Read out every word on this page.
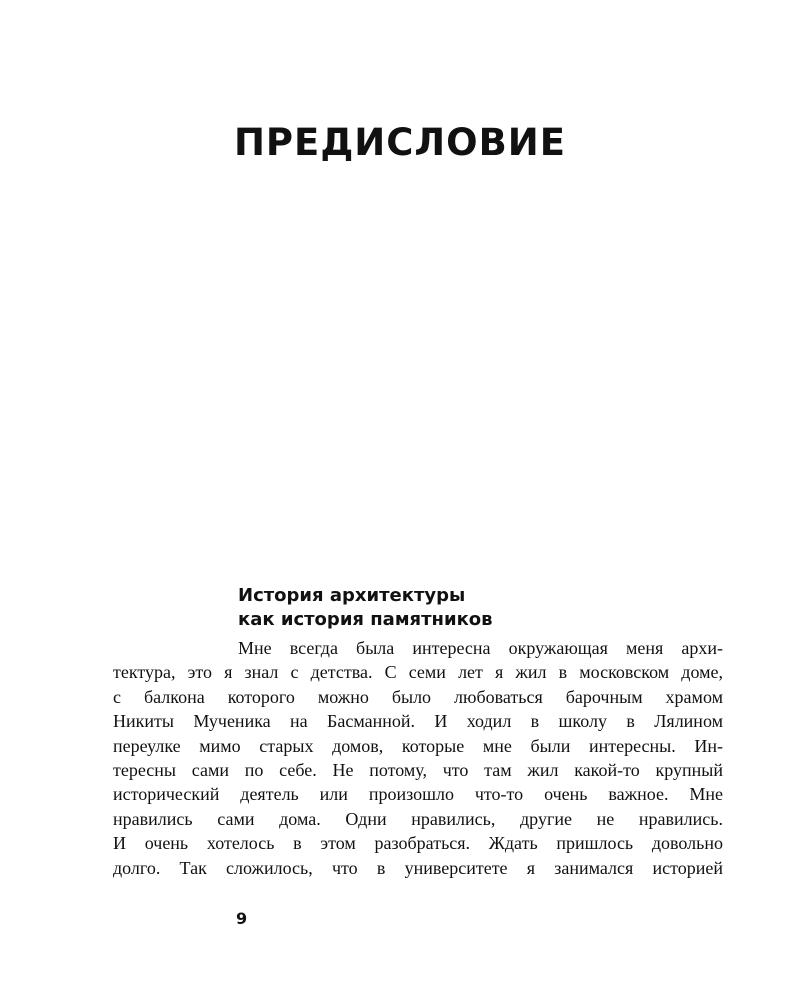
ПРЕДИСЛОВИЕ
История архитектуры
как история памятников
Мне всегда была интересна окружающая меня архи-
тектура, это я знал с детства. С семи лет я жил в московском доме,
с балкона которого можно было любоваться барочным храмом
Никиты Мученика на Басманной. И ходил в школу в Лялином
переулке мимо старых домов, которые мне были интересны. Ин-
тересны сами по себе. Не потому, что там жил какой-то крупный
исторический деятель или произошло что-то очень важное. Мне
нравились сами дома. Одни нравились, другие не нравились.
И очень хотелось в этом разобраться. Ждать пришлось довольно
долго. Так сложилось, что в университете я занимался историей

9
